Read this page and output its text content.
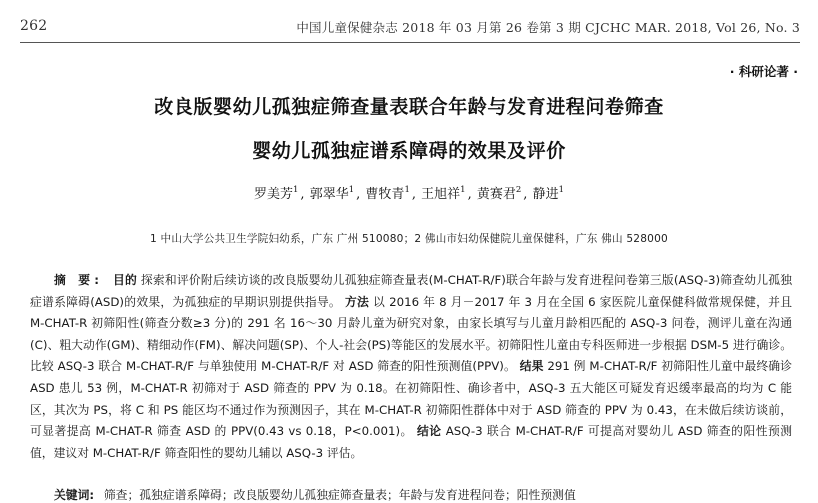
262	中国儿童保健杂志 2018 年 03 月第 26 卷第 3 期 CJCHC MAR. 2018, Vol 26, No. 3
· 科研论著 ·
改良版婴幼儿孤独症筛查量表联合年龄与发育进程问卷筛查
婴幼儿孤独症谱系障碍的效果及评价
罗美芳$^1$ , 郭翠华$^1$ , 曹牧青$^1$ , 王旭祥$^1$ , 黄赛君$^2$ , 静进$^1$
1 中山大学公共卫生学院妇幼系，广东 广州 510080；2 佛山市妇幼保健院儿童保健科，广东 佛山 528000
摘 要: 目的 探索和评价附后续访谈的改良版婴幼儿孤独症筛查量表(M-CHAT-R/F)联合年龄与发育进程问卷第三版(ASQ-3)筛查幼儿孤独症谱系障碍(ASD)的效果，为孤独症的早期识别提供指导。 方法 以 2016 年 8 月－2017 年 3 月在全国 6 家医院儿童保健科做常规保健，并且 M-CHAT-R 初筛阳性(筛查分数≥3 分)的 291 名 16～30 月龄儿童为研究对象，由家长填写与儿童月龄相匹配的 ASQ-3 问卷，测评儿童在沟通(C)、粗大动作(GM)、精细动作(FM)、解决问题(SP)、个人-社会(PS)等能区的发展水平。初筛阳性儿童由专科医师进一步根据 DSM-5 进行确诊。比较 ASQ-3 联合 M-CHAT-R/F 与单独使用 M-CHAT-R/F 对 ASD 筛查的阳性预测值(PPV)。 结果 291 例 M-CHAT-R/F 初筛阳性儿童中最终确诊 ASD 患儿 53 例，M-CHAT-R 初筛对于 ASD 筛查的 PPV 为 0.18。在初筛阳性、确诊者中，ASQ-3 五大能区可疑发育迟缓率最高的均为 C 能区，其次为 PS，将 C 和 PS 能区均不通过作为预测因子，其在 M-CHAT-R 初筛阳性群体中对于 ASD 筛查的 PPV 为 0.43，在未做后续访谈前，可显著提高 M-CHAT-R 筛查 ASD 的 PPV(0.43 vs 0.18，P<0.001)。 结论 ASQ-3 联合 M-CHAT-R/F 可提高对婴幼儿 ASD 筛查的阳性预测值，建议对 M-CHAT-R/F 筛查阳性的婴幼儿辅以 ASQ-3 评估。
关键词: 筛查；孤独症谱系障碍；改良版婴幼儿孤独症筛查量表；年龄与发育进程问卷；阳性预测值
